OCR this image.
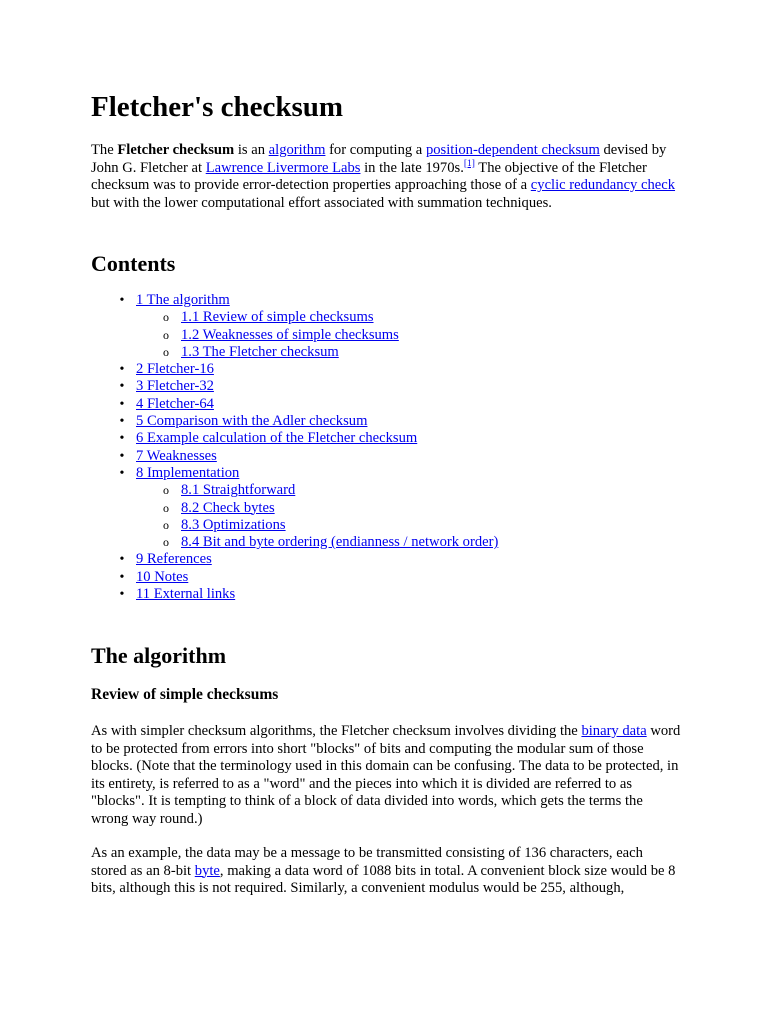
Fletcher's checksum

The Fletcher checksum is an algorithm for computing a position-dependent checksum devised by John G. Fletcher at Lawrence Livermore Labs in the late 1970s.[1] The objective of the Fletcher checksum was to provide error-detection properties approaching those of a cyclic redundancy check but with the lower computational effort associated with summation techniques.

Contents
• 1 The algorithm
o 1.1 Review of simple checksums
o 1.2 Weaknesses of simple checksums
o 1.3 The Fletcher checksum
• 2 Fletcher-16
• 3 Fletcher-32
• 4 Fletcher-64
• 5 Comparison with the Adler checksum
• 6 Example calculation of the Fletcher checksum
• 7 Weaknesses
• 8 Implementation
o 8.1 Straightforward
o 8.2 Check bytes
o 8.3 Optimizations
o 8.4 Bit and byte ordering (endianness / network order)
• 9 References
• 10 Notes
• 11 External links
The algorithm
Review of simple checksums

As with simpler checksum algorithms, the Fletcher checksum involves dividing the binary data word to be protected from errors into short "blocks" of bits and computing the modular sum of those blocks. (Note that the terminology used in this domain can be confusing. The data to be protected, in its entirety, is referred to as a "word" and the pieces into which it is divided are referred to as "blocks". It is tempting to think of a block of data divided into words, which gets the terms the wrong way round.)

As an example, the data may be a message to be transmitted consisting of 136 characters, each stored as an 8-bit byte, making a data word of 1088 bits in total. A convenient block size would be 8 bits, although this is not required. Similarly, a convenient modulus would be 255, although,
